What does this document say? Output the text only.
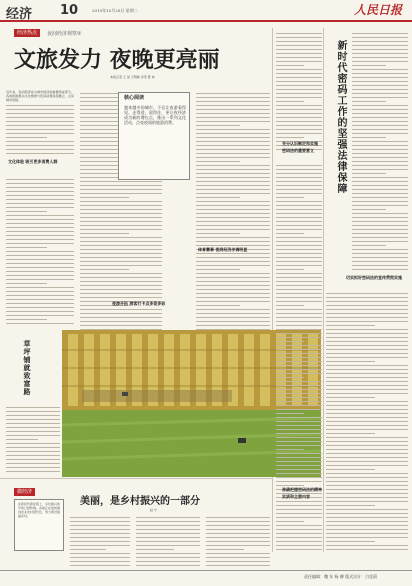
经济 10	2019年10月28日 星期二	人民日报
经济热点	夜间经济观察②
文旅发力 夜晚更亮丽
本报记者 王 昊 王明峰 李坚 陈 炜
近年来，夜间经济成为城市经济的重要组成部分，各地积极推动文化旅游与夜间消费深度融合，点亮城市夜晚。
文化体验 吸引更多消费人群
核心阅读
越来越多的城市，不仅让夜游看得见、走得进、留得住，更让夜经济成为新的增长点，推出一系列文化活动，点亮夜间的旅游消费。
夜游开拓 游客打卡点多姿多彩
体育赛事 夜间经济步调明显
草坪铺就致富路
充分认识制定和实施密码法的重要意义	新时代密码工作的坚强法律保障
切实抓好密码法的宣传贯彻实施
准确把握密码法的精神实质和主要内容
微经济
在新时代新征程上，乡村振兴的号角已经吹响，各地正在加快推进农业农村现代化，努力建设美丽乡村。
美丽，是乡村振兴的一部分
赵 宁
责任编辑：魏 东 杨 柳 版式设计：吕佳蔚
